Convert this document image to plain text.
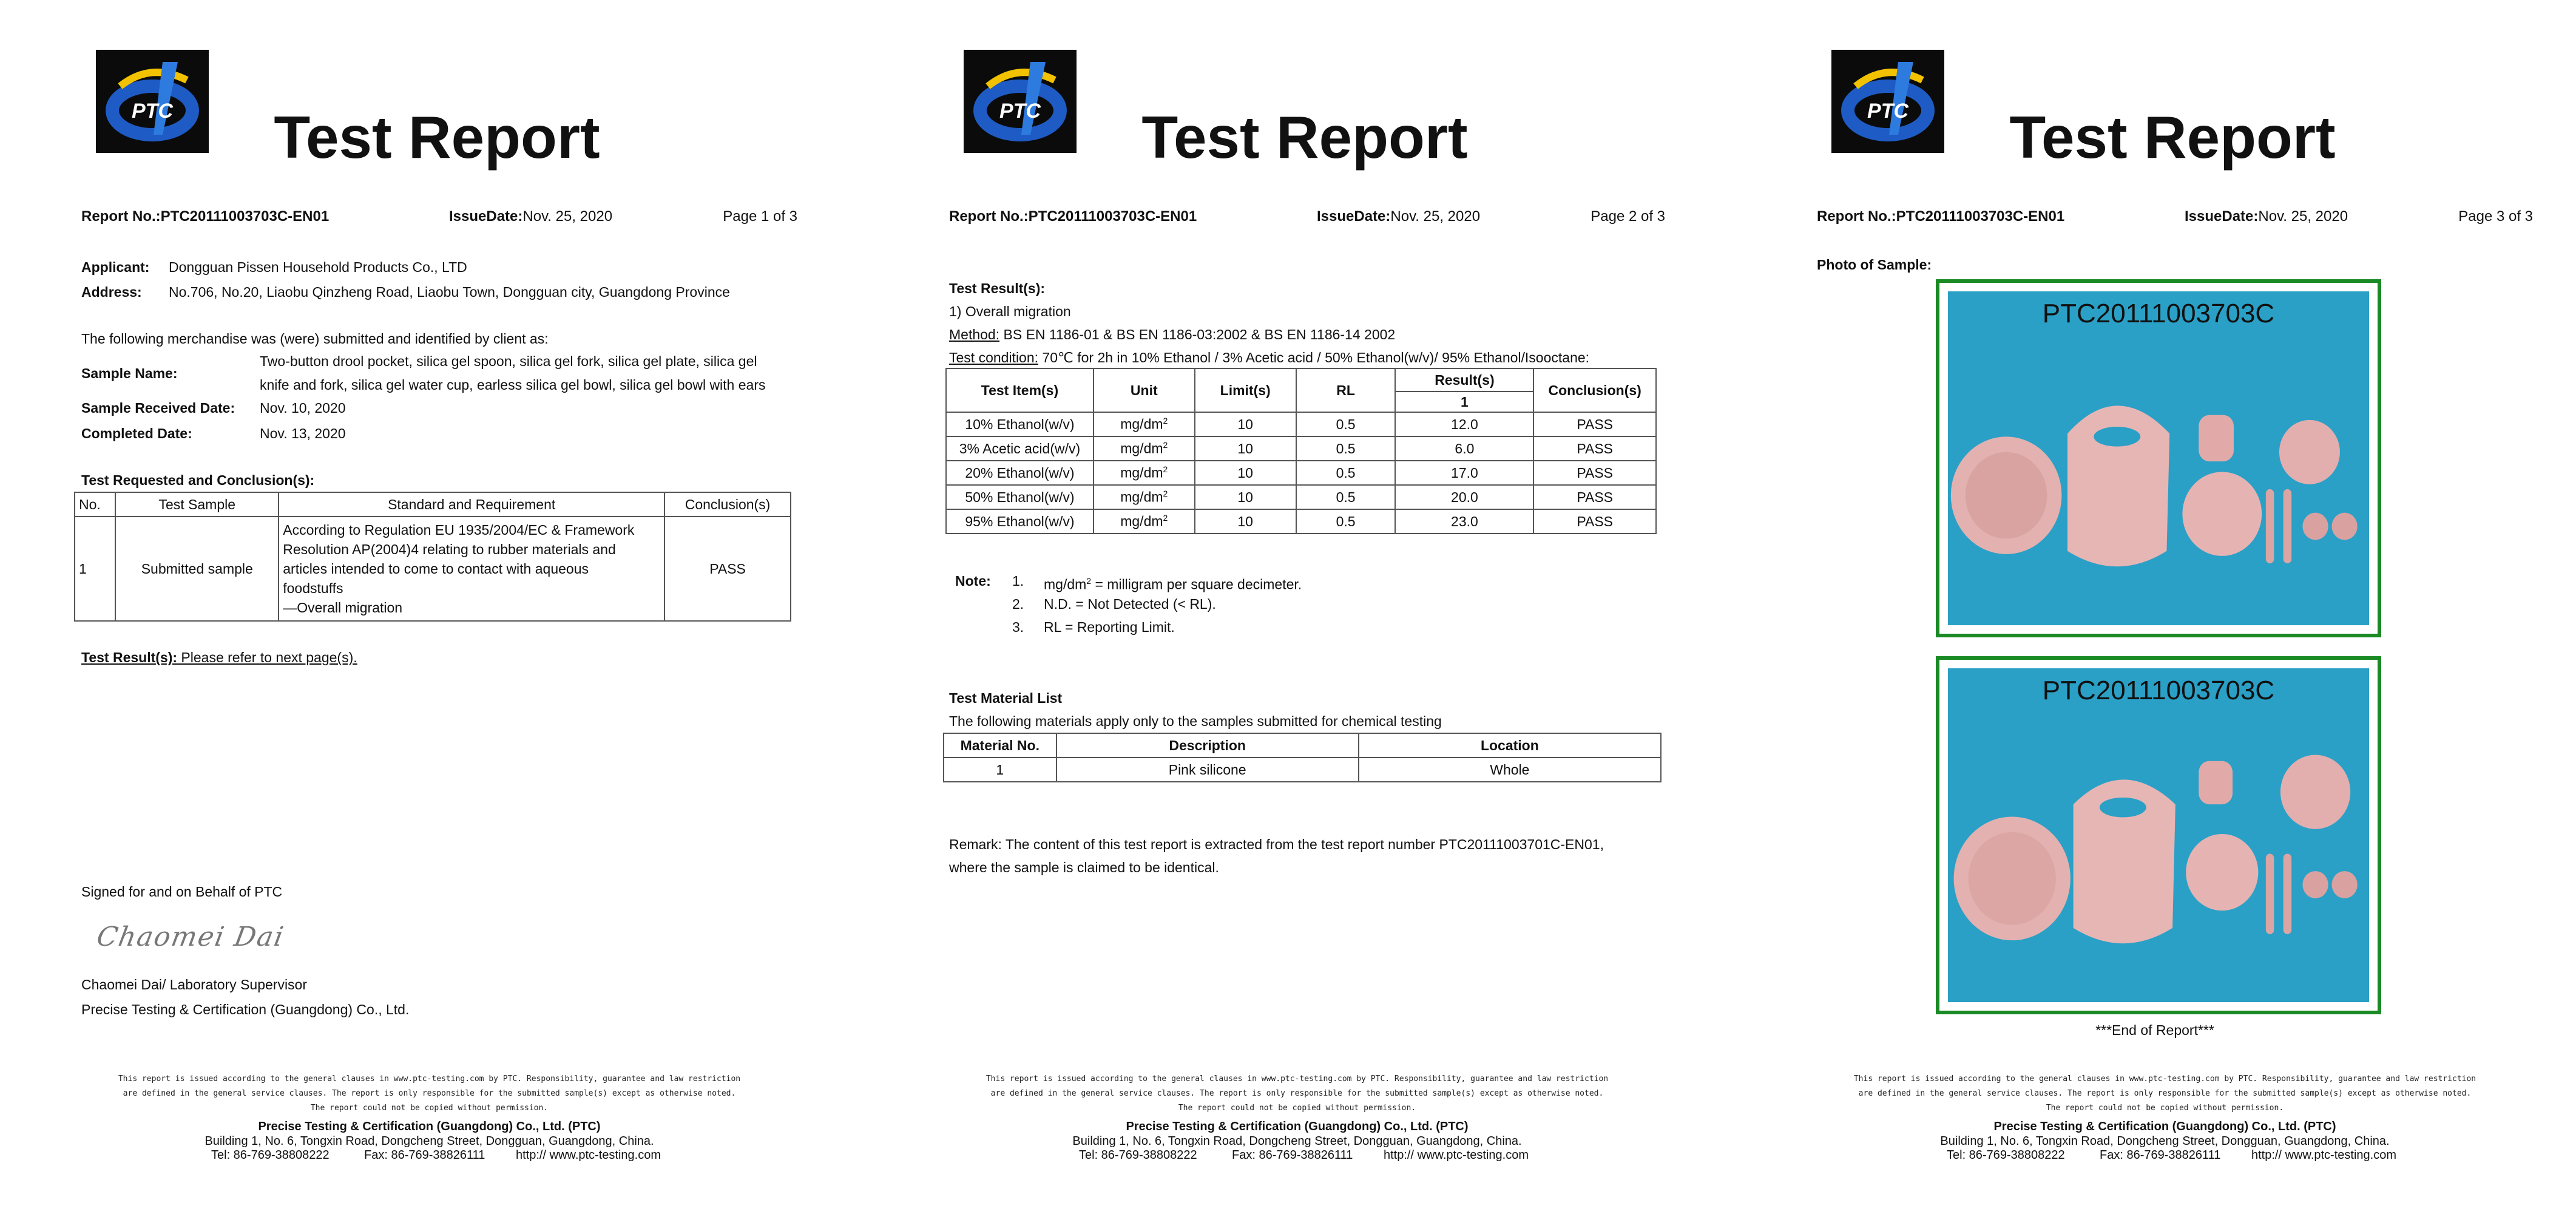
PTC	Test Report
Report No.:PTC20111003703C-EN01	IssueDate:Nov. 25, 2020	Page 1 of 3
Applicant: Dongguan Pissen Household Products Co., LTD
Address: No.706, No.20, Liaobu Qinzheng Road, Liaobu Town, Dongguan city, Guangdong Province
The following merchandise was (were) submitted and identified by client as:
Sample Name:
Two-button drool pocket, silica gel spoon, silica gel fork, silica gel plate, silica gel
knife and fork, silica gel water cup, earless silica gel bowl, silica gel bowl with ears
Sample Received Date: Nov. 10, 2020
Completed Date:	Nov. 13, 2020
Test Requested and Conclusion(s):
No.	Test Sample	Standard and Requirement	Conclusion(s)
1	Submitted sample	According to Regulation EU 1935/2004/EC & Framework
Resolution AP(2004)4 relating to rubber materials and
articles intended to come to contact with aqueous
foodstuffs
—Overall migration	PASS
Test Result(s): Please refer to next page(s).
Signed for and on Behalf of PTC
Chaomei Dai
Chaomei Dai/ Laboratory Supervisor
Precise Testing & Certification (Guangdong) Co., Ltd.
This report is issued according to the general clauses in www.ptc-testing.com by PTC. Responsibility, guarantee and law restriction
are defined in the general service clauses. The report is only responsible for the submitted sample(s) except as otherwise noted.
The report could not be copied without permission.
Precise Testing & Certification (Guangdong) Co., Ltd. (PTC)
Building 1, No. 6, Tongxin Road, Dongcheng Street, Dongguan, Guangdong, China.
Tel: 86-769-38808222	Fax: 86-769-38826111	http:// www.ptc-testing.com
PTC	Test Report
Report No.:PTC20111003703C-EN01	IssueDate:Nov. 25, 2020	Page 2 of 3
Test Result(s):
1) Overall migration
Method: BS EN 1186-01 & BS EN 1186-03:2002 & BS EN 1186-14 2002
Test condition: 70℃ for 2h in 10% Ethanol / 3% Acetic acid / 50% Ethanol(w/v)/ 95% Ethanol/Isooctane:
Test Item(s)	Unit	Limit(s)	RL	Result(s)	Conclusion(s)
				1	
10% Ethanol(w/v)	$mg/dm^2$	10	0.5	12.0	PASS
3% Acetic acid(w/v)	$mg/dm^2$	10	0.5	6.0	PASS
20% Ethanol(w/v)	$mg/dm^2$	10	0.5	17.0	PASS
50% Ethanol(w/v)	$mg/dm^2$	10	0.5	20.0	PASS
95% Ethanol(w/v)	$mg/dm^2$	10	0.5	23.0	PASS
Note: 1. $mg/dm^2$ = milligram per square decimeter.
2. N.D. = Not Detected (< RL).
3. RL = Reporting Limit.
Test Material List
The following materials apply only to the samples submitted for chemical testing
Material No.	Description	Location
1	Pink silicone	Whole
Remark: The content of this test report is extracted from the test report number PTC20111003701C-EN01,
where the sample is claimed to be identical.
This report is issued according to the general clauses in www.ptc-testing.com by PTC. Responsibility, guarantee and law restriction
are defined in the general service clauses. The report is only responsible for the submitted sample(s) except as otherwise noted.
The report could not be copied without permission.
Precise Testing & Certification (Guangdong) Co., Ltd. (PTC)
Building 1, No. 6, Tongxin Road, Dongcheng Street, Dongguan, Guangdong, China.
Tel: 86-769-38808222	Fax: 86-769-38826111	http:// www.ptc-testing.com
PTC	Test Report
Report No.:PTC20111003703C-EN01	IssueDate:Nov. 25, 2020	Page 3 of 3
Photo of Sample:
PTC20111003703C
PTC20111003703C
***End of Report***
This report is issued according to the general clauses in www.ptc-testing.com by PTC. Responsibility, guarantee and law restriction
are defined in the general service clauses. The report is only responsible for the submitted sample(s) except as otherwise noted.
The report could not be copied without permission.
Precise Testing & Certification (Guangdong) Co., Ltd. (PTC)
Building 1, No. 6, Tongxin Road, Dongcheng Street, Dongguan, Guangdong, China.
Tel: 86-769-38808222	Fax: 86-769-38826111	http:// www.ptc-testing.com
